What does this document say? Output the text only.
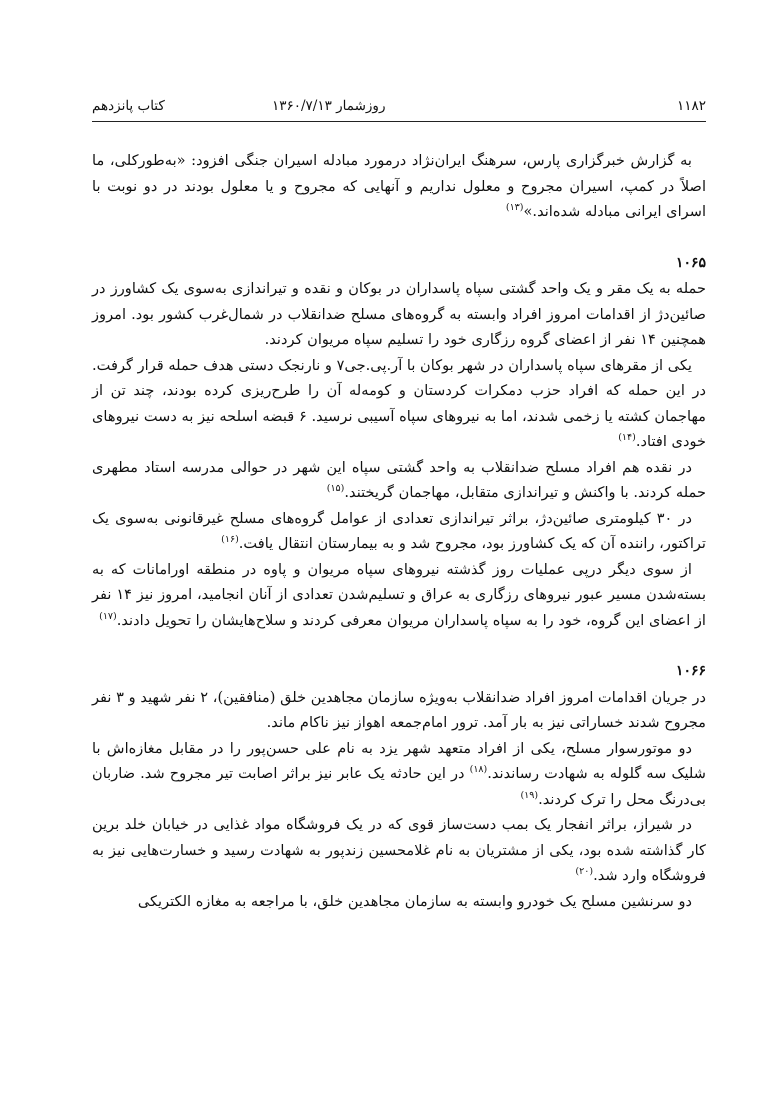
۱۱۸۲
روزشمار ۱۳۶۰/۷/۱۳
کتاب پانزدهم

به گزارش خبرگزاری پارس، سرهنگ ایران‌نژاد درمورد مبادله اسیران جنگی افزود: «به‌طورکلی، ما اصلاً در کمپ، اسیران مجروح و معلول نداریم و آنهایی که مجروح و یا معلول بودند در دو نوبت با اسرای ایرانی مبادله شده‌اند.»$^{(۱۳)}$

۱۰۶۵

حمله به یک مقر و یک واحد گشتی سپاه پاسداران در بوکان و نقده و تیراندازی به‌سوی یک کشاورز در صائین‌دژ از اقدامات امروز افراد وابسته به گروه‌های مسلح ضدانقلاب در شمال‌غرب کشور بود. امروز همچنین ۱۴ نفر از اعضای گروه رزگاری خود را تسلیم سپاه مریوان کردند.

یکی از مقرهای سپاه پاسداران در شهر بوکان با آر.پی.جی۷ و نارنجک دستی هدف حمله قرار گرفت. در این حمله که افراد حزب دمکرات کردستان و کومه‌له آن را طرح‌ریزی کرده بودند، چند تن از مهاجمان کشته یا زخمی شدند، اما به نیروهای سپاه آسیبی نرسید. ۶ قبضه اسلحه نیز به دست نیروهای خودی افتاد.$^{(۱۴)}$

در نقده هم افراد مسلح ضدانقلاب به واحد گشتی سپاه این شهر در حوالی مدرسه استاد مطهری حمله کردند. با واکنش و تیراندازی متقابل، مهاجمان گریختند.$^{(۱۵)}$

در ۳۰ کیلومتری صائین‌دژ، براثر تیراندازی تعدادی از عوامل گروه‌های مسلح غیرقانونی به‌سوی یک تراکتور، راننده آن که یک کشاورز بود، مجروح شد و به بیمارستان انتقال یافت.$^{(۱۶)}$

از سوی دیگر درپی عملیات روز گذشته نیروهای سپاه مریوان و پاوه در منطقه اورامانات که به بسته‌شدن مسیر عبور نیروهای رزگاری به عراق و تسلیم‌شدن تعدادی از آنان انجامید، امروز نیز ۱۴ نفر از اعضای این گروه، خود را به سپاه پاسداران مریوان معرفی کردند و سلاح‌هایشان را تحویل دادند.$^{(۱۷)}$

۱۰۶۶

در جریان اقدامات امروز افراد ضدانقلاب به‌ویژه سازمان مجاهدین خلق (منافقین)، ۲ نفر شهید و ۳ نفر مجروح شدند خساراتی نیز به بار آمد. ترور امام‌جمعه اهواز نیز ناکام ماند.

دو موتورسوار مسلح، یکی از افراد متعهد شهر یزد به نام علی حسن‌پور را در مقابل مغازه‌اش با شلیک سه گلوله به شهادت رساندند.$^{(۱۸)}$ در این حادثه یک عابر نیز براثر اصابت تیر مجروح شد. ضاربان بی‌درنگ محل را ترک کردند.$^{(۱۹)}$

در شیراز، براثر انفجار یک بمب دست‌ساز قوی که در یک فروشگاه مواد غذایی در خیابان خلد برین کار گذاشته شده بود، یکی از مشتریان به نام غلامحسین زندپور به شهادت رسید و خسارت‌هایی نیز به فروشگاه وارد شد.$^{(۲۰)}$

دو سرنشین مسلح یک خودرو وابسته به سازمان مجاهدین خلق، با مراجعه به مغازه الکتریکی
